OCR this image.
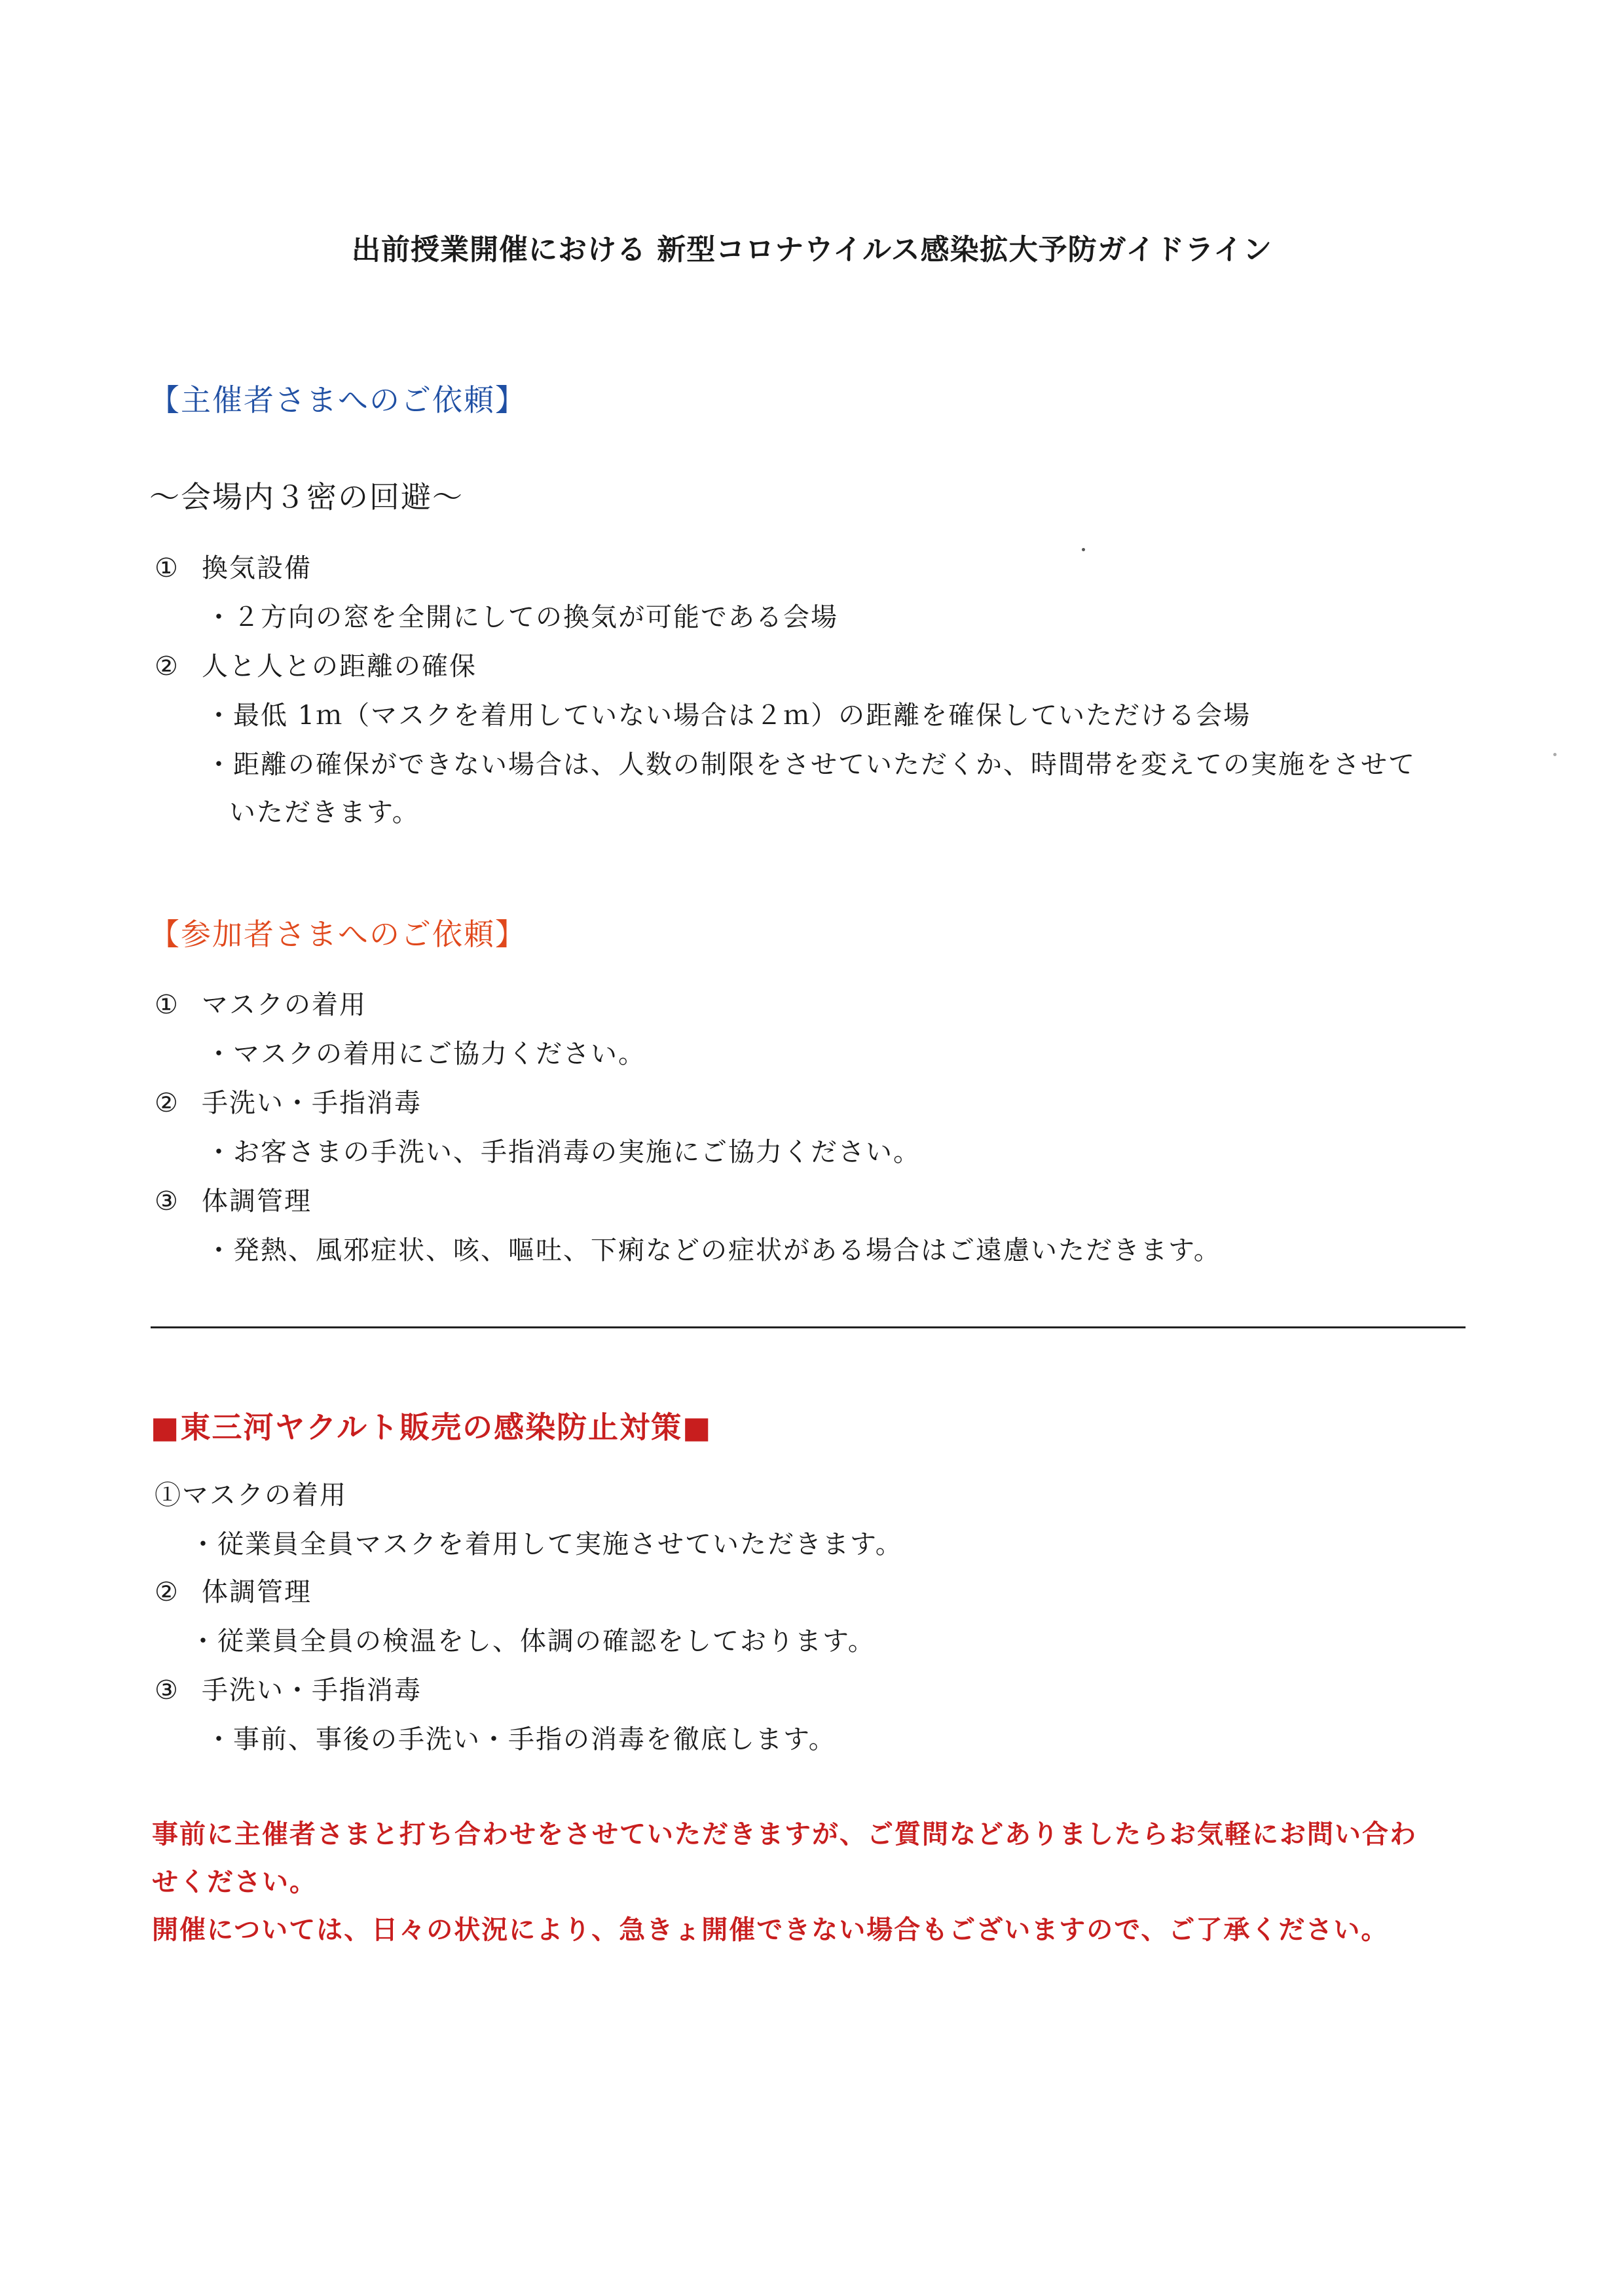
出前授業開催における 新型コロナウイルス感染拡大予防ガイドライン
【主催者さまへのご依頼】
～会場内３密の回避～
① 換気設備
・２方向の窓を全開にしての換気が可能である会場
② 人と人との距離の確保
・最低 1ｍ（マスクを着用していない場合は２ｍ）の距離を確保していただける会場
・距離の確保ができない場合は、人数の制限をさせていただくか、時間帯を変えての実施をさせて
いただきます。
【参加者さまへのご依頼】
① マスクの着用
・マスクの着用にご協力ください。
② 手洗い・手指消毒
・お客さまの手洗い、手指消毒の実施にご協力ください。
③ 体調管理
・発熱、風邪症状、咳、嘔吐、下痢などの症状がある場合はご遠慮いただきます。
■東三河ヤクルト販売の感染防止対策■
①マスクの着用
・従業員全員マスクを着用して実施させていただきます。
② 体調管理
・従業員全員の検温をし、体調の確認をしております。
③ 手洗い・手指消毒
・事前、事後の手洗い・手指の消毒を徹底します。
事前に主催者さまと打ち合わせをさせていただきますが、ご質問などありましたらお気軽にお問い合わ
せください。
開催については、日々の状況により、急きょ開催できない場合もございますので、ご了承ください。
